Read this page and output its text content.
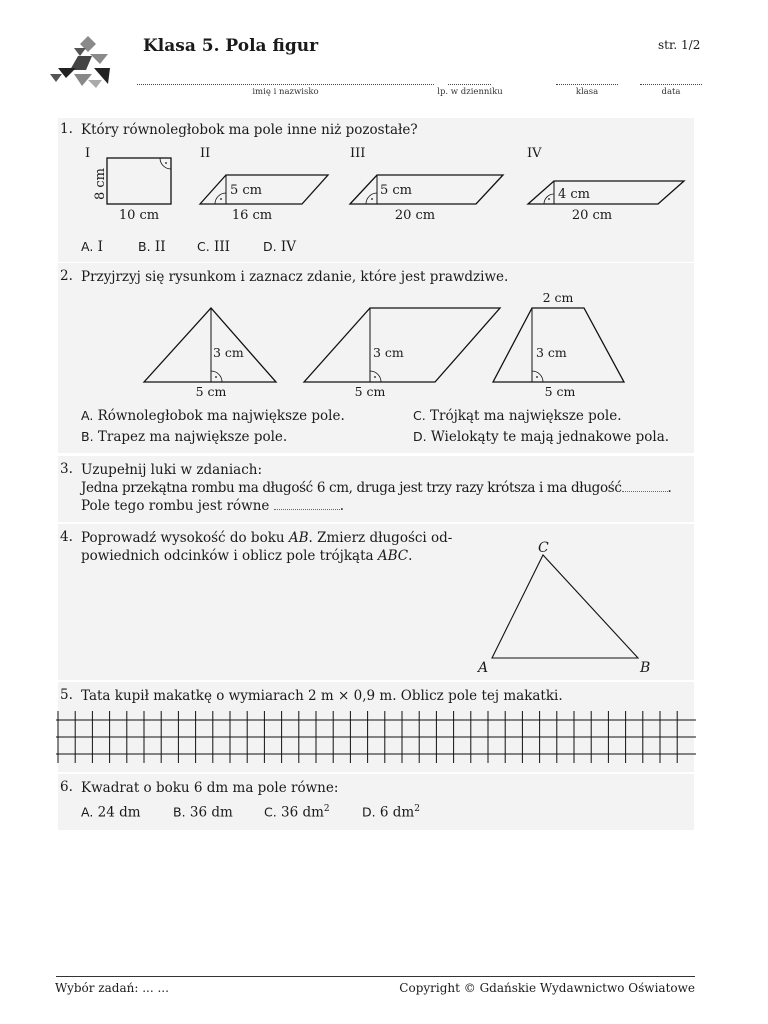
Klasa 5. Pola figur	str. 1/2
imię i nazwisko	lp. w dzienniku	klasa	data
1. Który równoległobok ma pole inne niż pozostałe?
I
8 cm
10 cm
II
5 cm
16 cm
III
5 cm
20 cm
IV
4 cm
20 cm
A. I	B. II	C. III	D. IV
2. Przyjrzyj się rysunkom i zaznacz zdanie, które jest prawdziwe.
3 cm
5 cm
3 cm
5 cm
2 cm
3 cm
5 cm
A. Równoległobok ma największe pole.	C. Trójkąt ma największe pole.
B. Trapez ma największe pole.	D. Wielokąty te mają jednakowe pola.
3. Uzupełnij luki w zdaniach:
Jedna przekątna rombu ma długość 6 cm, druga jest trzy razy krótsza i ma długość	.
Pole tego rombu jest równe	.
4. Poprowadź wysokość do boku AB. Zmierz długości od-
powiednich odcinków i oblicz pole trójkąta ABC.
A	B
C
5. Tata kupił makatkę o wymiarach 2 m × 0,9 m. Oblicz pole tej makatki.
6. Kwadrat o boku 6 dm ma pole równe:
A. 24 dm	B. 36 dm C. 36 $dm^2$	D. 6 $dm^2$
Wybór zadań: ... ...	Copyright © Gdańskie Wydawnictwo Oświatowe
